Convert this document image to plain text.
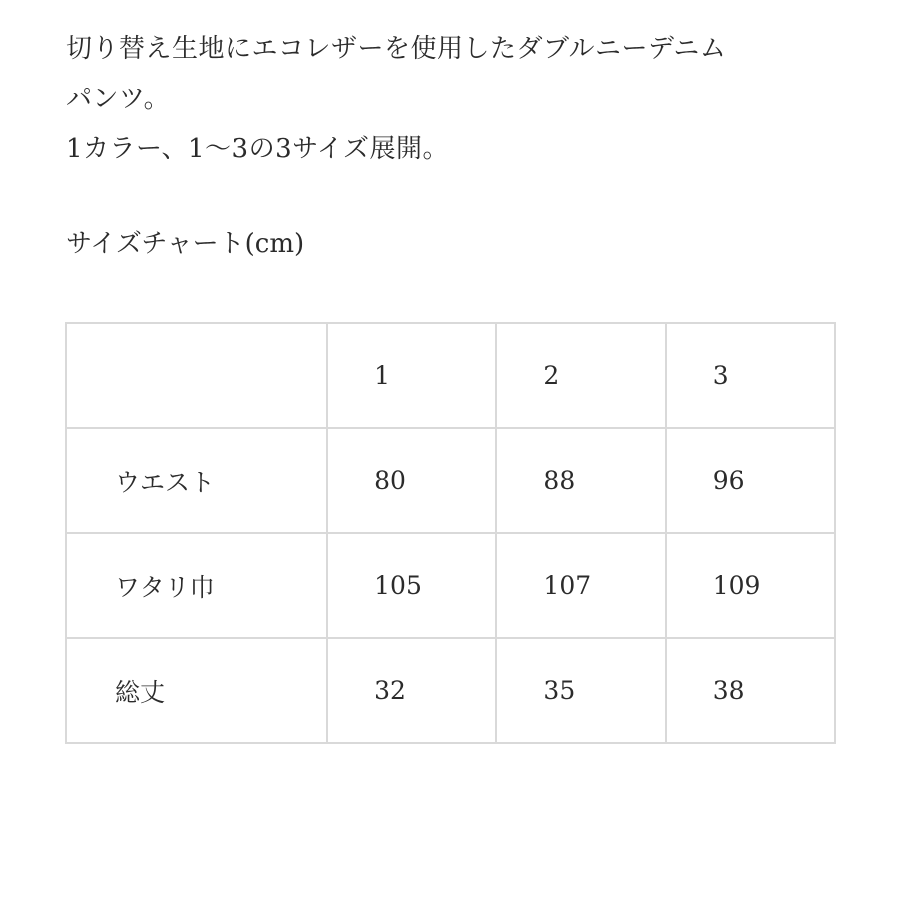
切り替え生地にエコレザーを使用したダブルニーデニム
パンツ。
1カラー、1〜3の3サイズ展開。
サイズチャート(cm)
	1	2	3
ウエスト	80	88	96
ワタリ巾	105	107	109
総丈	32	35	38
